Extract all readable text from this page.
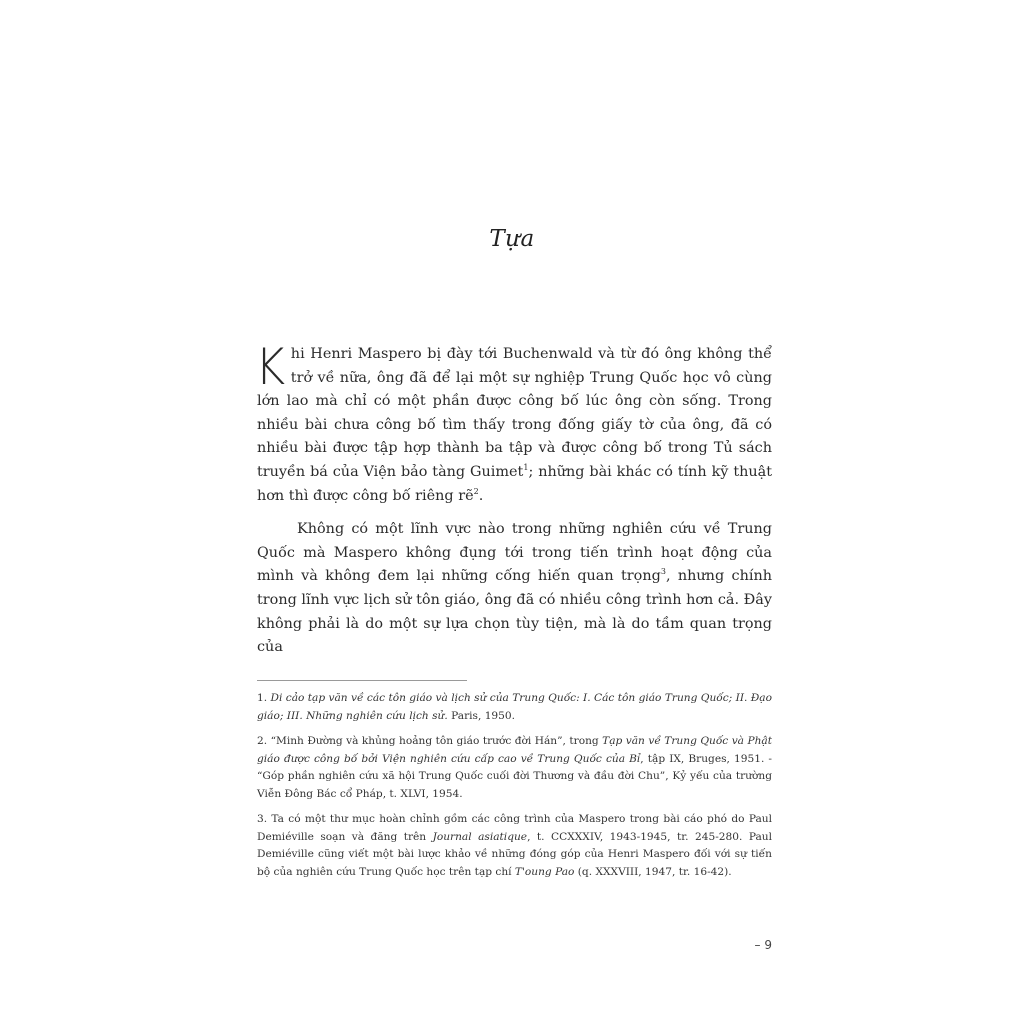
Tựa

Khi Henri Maspero bị đày tới Buchenwald và từ đó ông không thể trở về nữa, ông đã để lại một sự nghiệp Trung Quốc học vô cùng lớn lao mà chỉ có một phần được công bố lúc ông còn sống. Trong nhiều bài chưa công bố tìm thấy trong đống giấy tờ của ông, đã có nhiều bài được tập hợp thành ba tập và được công bố trong Tủ sách truyền bá của Viện bảo tàng Guimet$^1$; những bài khác có tính kỹ thuật hơn thì được công bố riêng rẽ$^2$.

Không có một lĩnh vực nào trong những nghiên cứu về Trung Quốc mà Maspero không đụng tới trong tiến trình hoạt động của mình và không đem lại những cống hiến quan trọng$^3$, nhưng chính trong lĩnh vực lịch sử tôn giáo, ông đã có nhiều công trình hơn cả. Đây không phải là do một sự lựa chọn tùy tiện, mà là do tầm quan trọng của

1. Di cảo tạp văn về các tôn giáo và lịch sử của Trung Quốc: I. Các tôn giáo Trung Quốc; II. Đạo giáo; III. Những nghiên cứu lịch sử. Paris, 1950.

2. “Minh Đường và khủng hoảng tôn giáo trước đời Hán”, trong Tạp văn về Trung Quốc và Phật giáo được công bố bởi Viện nghiên cứu cấp cao về Trung Quốc của Bỉ, tập IX, Bruges, 1951. - “Góp phần nghiên cứu xã hội Trung Quốc cuối đời Thương và đầu đời Chu”, Kỷ yếu của trường Viễn Đông Bác cổ Pháp, t. XLVI, 1954.

3. Ta có một thư mục hoàn chỉnh gồm các công trình của Maspero trong bài cáo phó do Paul Demiéville soạn và đăng trên Journal asiatique, t. CCXXXIV, 1943-1945, tr. 245-280. Paul Demiéville cũng viết một bài lược khảo về những đóng góp của Henri Maspero đối với sự tiến bộ của nghiên cứu Trung Quốc học trên tạp chí T'oung Pao (q. XXXVIII, 1947, tr. 16-42).

– 9
